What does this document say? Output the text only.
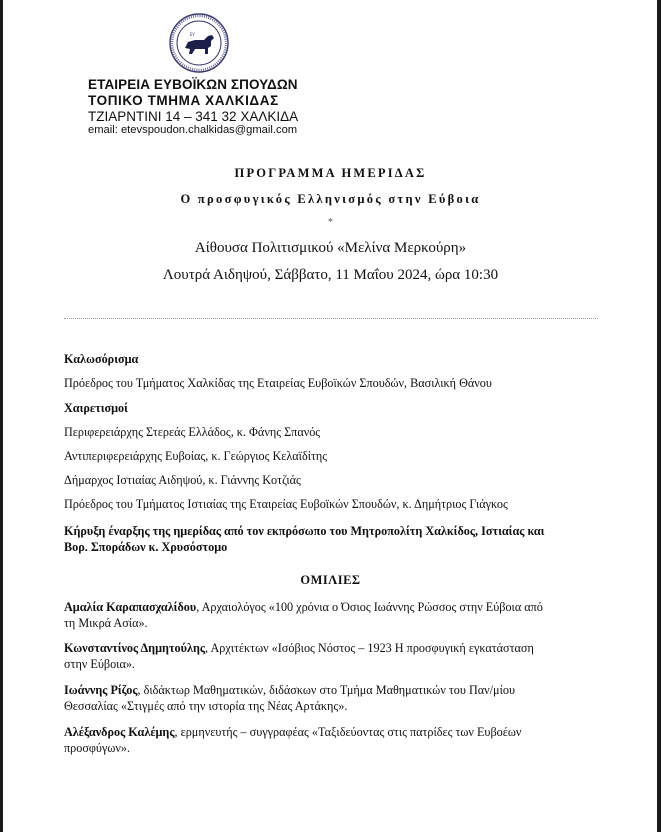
ΕΥ
ΕΤΑΙΡΕΙΑ ΕΥΒΟΪΚΩΝ ΣΠΟΥΔΩΝ
ΤΟΠΙΚΟ ΤΜΗΜΑ ΧΑΛΚΙΔΑΣ
ΤΖΙΑΡΝΤΙΝΙ 14 – 341 32 ΧΑΛΚΙΔΑ
email: etevspoudon.chalkidas@gmail.com
ΠΡΟΓΡΑΜΜΑ ΗΜΕΡΙΔΑΣ
Ο προσφυγικός Ελληνισμός στην Εύβοια
*
Αίθουσα Πολιτισμικού «Μελίνα Μερκούρη»
Λουτρά Αιδηψού, Σάββατο, 11 Μαΐου 2024, ώρα 10:30
Καλωσόρισμα
Πρόεδρος του Τμήματος Χαλκίδας της Εταιρείας Ευβοϊκών Σπουδών, Βασιλική Θάνου
Χαιρετισμοί
Περιφερειάρχης Στερεάς Ελλάδος, κ. Φάνης Σπανός
Αντιπεριφερειάρχης Ευβοίας, κ. Γεώργιος Κελαϊδίτης
Δήμαρχος Ιστιαίας Αιδηψού, κ. Γιάννης Κοτζιάς
Πρόεδρος του Τμήματος Ιστιαίας της Εταιρείας Ευβοϊκών Σπουδών, κ. Δημήτριος Γιάγκος
Κήρυξη έναρξης της ημερίδας από τον εκπρόσωπο του Μητροπολίτη Χαλκίδος, Ιστιαίας και
Βορ. Σποράδων κ. Χρυσόστομο
ΟΜΙΛΙΕΣ
Αμαλία Καραπασχαλίδου, Αρχαιολόγος «100 χρόνια ο Όσιος Ιωάννης Ρώσσος στην Εύβοια από
τη Μικρά Ασία».
Κωνσταντίνος Δημητούλης, Αρχιτέκτων «Ισόβιος Νόστος – 1923 Η προσφυγική εγκατάσταση
στην Εύβοια».
Ιωάννης Ρίζος, διδάκτωρ Μαθηματικών, διδάσκων στο Τμήμα Μαθηματικών του Παν/μίου
Θεσσαλίας «Στιγμές από την ιστορία της Νέας Αρτάκης».
Αλέξανδρος Καλέμης, ερμηνευτής – συγγραφέας «Ταξιδεύοντας στις πατρίδες των Ευβοέων
προσφύγων».
